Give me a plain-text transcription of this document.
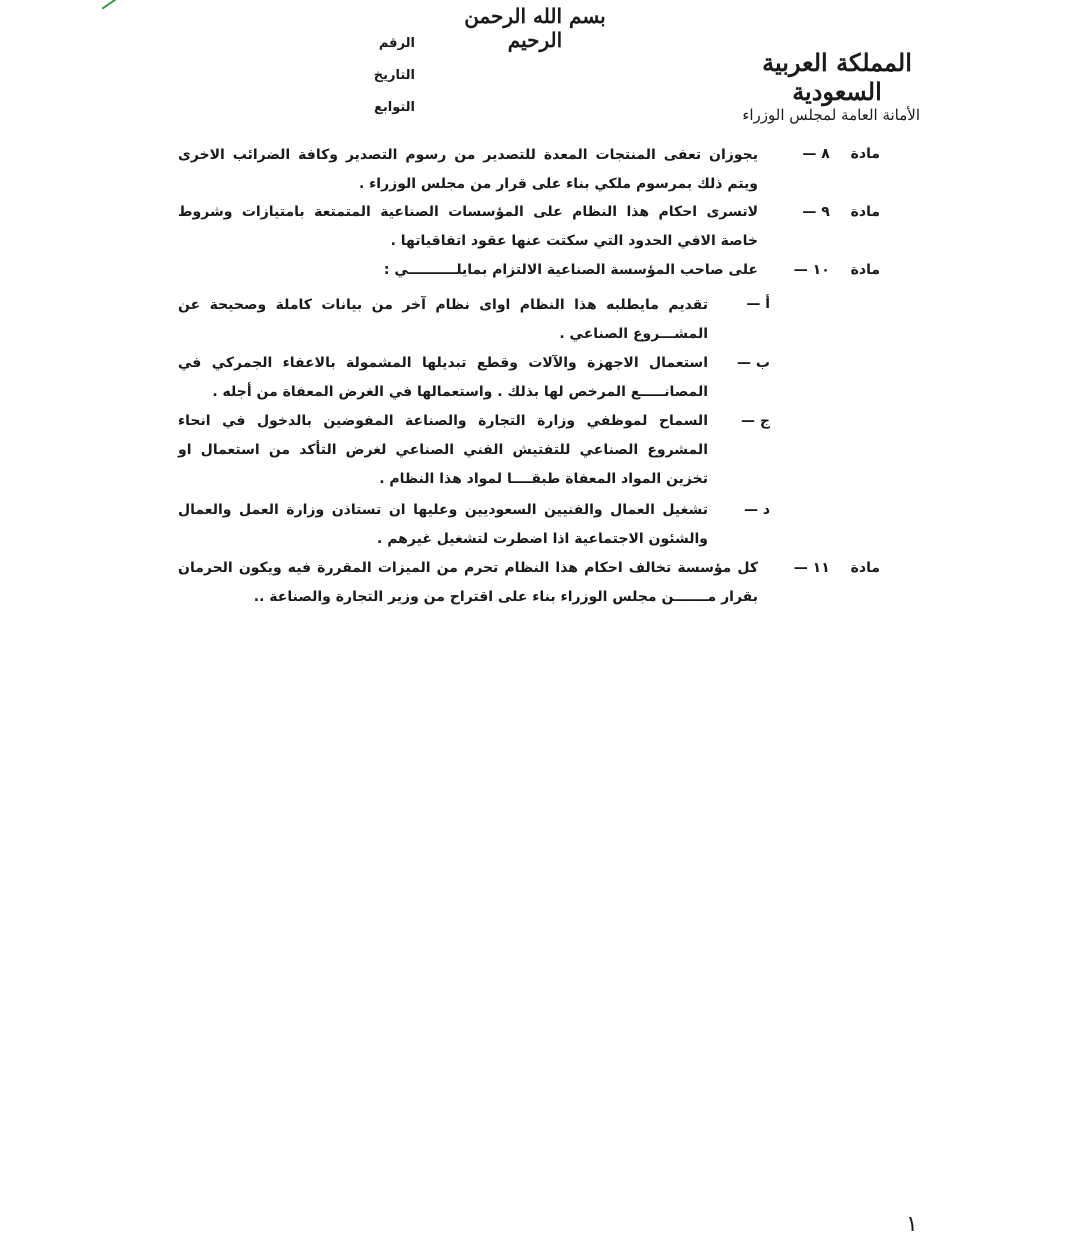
بسم الله الرحمن الرحيم
المملكة العربية السعودية
الأمانة العامة لمجلس الوزراء
الرقم
التاريخ
التوابع
مادة ٨ —
يجوزان تعفى المنتجات المعدة للتصدير من رسوم التصدير وكافة الضرائب الاخرى ويتم ذلك بمرسوم ملكي بناء على قرار من مجلس الوزراء .
مادة ٩ —
لاتسرى احكام هذا النظام على المؤسسات الصناعية المتمتعة بامتيازات وشروط خاصة الافي الحدود التي سكتت عنها عقود اتفاقياتها .
مادة ١٠ —
على صاحب المؤسسة الصناعية الالتزام بمايلــــــــــي :
أ —
تقديم مايطلبه هذا النظام اواى نظام آخر من بيانات كاملة وصحيحة عن المشـــروع الصناعي .
ب —
استعمال الاجهزة والآلات وقطع تبديلها المشمولة بالاعفاء الجمركي في المصانـــــع المرخص لها بذلك . واستعمالها في الغرض المعفاة من أجله .
ج —
السماح لموظفي وزارة التجارة والصناعة المفوضين بالدخول في انحاء المشروع الصناعي للتفتيش الفني الصناعي لغرض التأكد من استعمال او تخزين المواد المعفاة طبقــــا لمواد هذا النظام .
د —
تشغيل العمال والفنيين السعوديين وعليها ان تستاذن وزارة العمل والعمال والشئون الاجتماعية اذا اضطرت لتشغيل غيرهم .
مادة ١١ —
كل مؤسسة تخالف احكام هذا النظام تحرم من الميزات المقررة فيه ويكون الحرمان بقرار مـــــــن مجلس الوزراء بناء على اقتراح من وزير التجارة والصناعة ..
١
